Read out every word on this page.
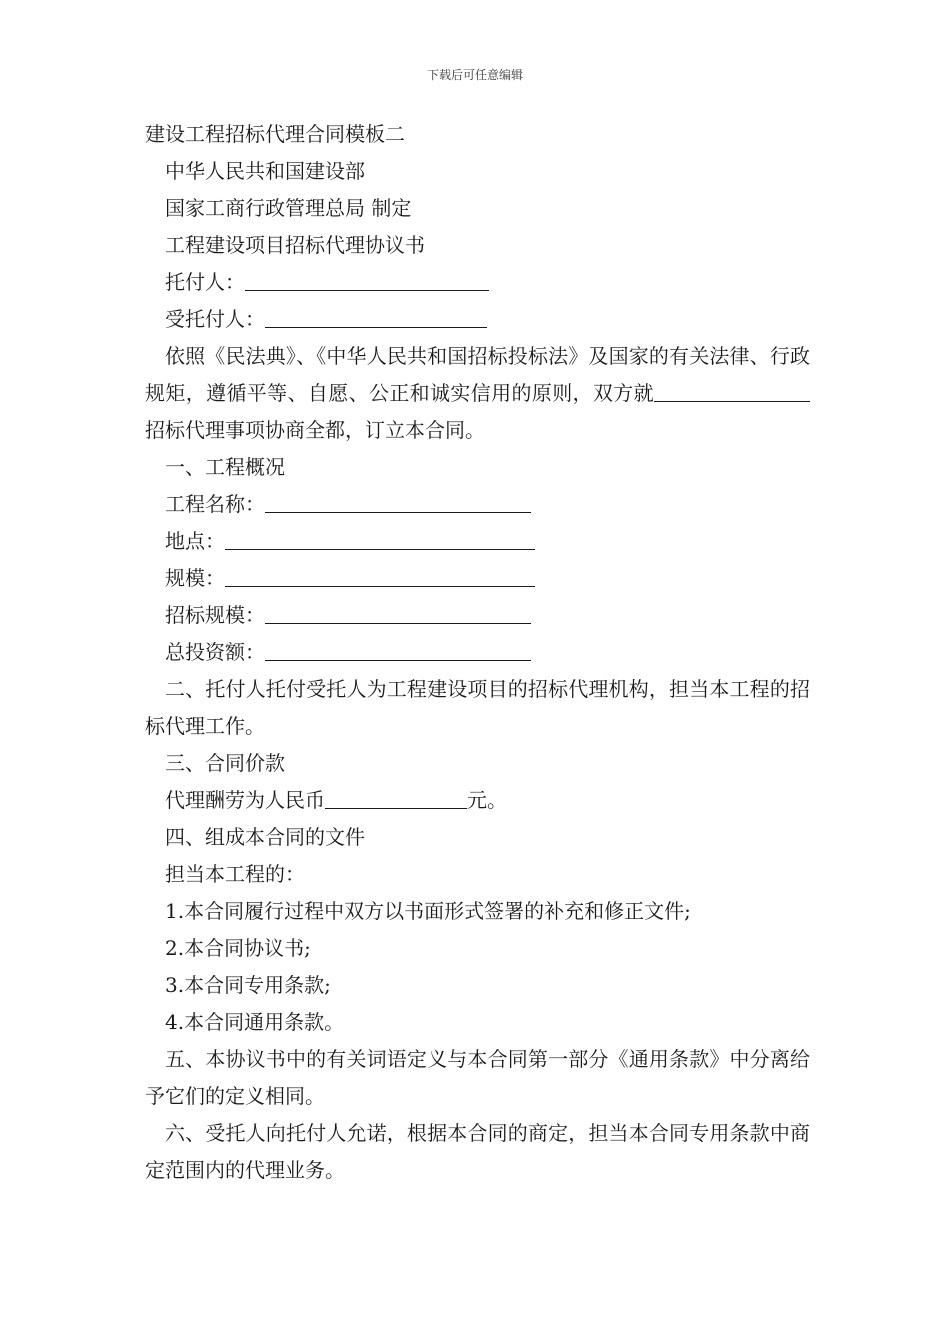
下载后可任意编辑
建设工程招标代理合同模板二
中华人民共和国建设部
国家工商行政管理总局 制定
工程建设项目招标代理协议书
托付人：
受托付人：
依照《民法典》、《中华人民共和国招标投标法》及国家的有关法律、行政规矩，遵循平等、自愿、公正和诚实信用的原则，双方就招标代理事项协商全都，订立本合同。
一、工程概况
工程名称：
地点：
规模：
招标规模：
总投资额：
二、托付人托付受托人为工程建设项目的招标代理机构，担当本工程的招标代理工作。
三、合同价款
代理酬劳为人民币	元。
四、组成本合同的文件
担当本工程的：
1.本合同履行过程中双方以书面形式签署的补充和修正文件;
2.本合同协议书;
3.本合同专用条款;
4.本合同通用条款。
五、本协议书中的有关词语定义与本合同第一部分《通用条款》中分离给予它们的定义相同。
六、受托人向托付人允诺，根据本合同的商定，担当本合同专用条款中商定范围内的代理业务。
